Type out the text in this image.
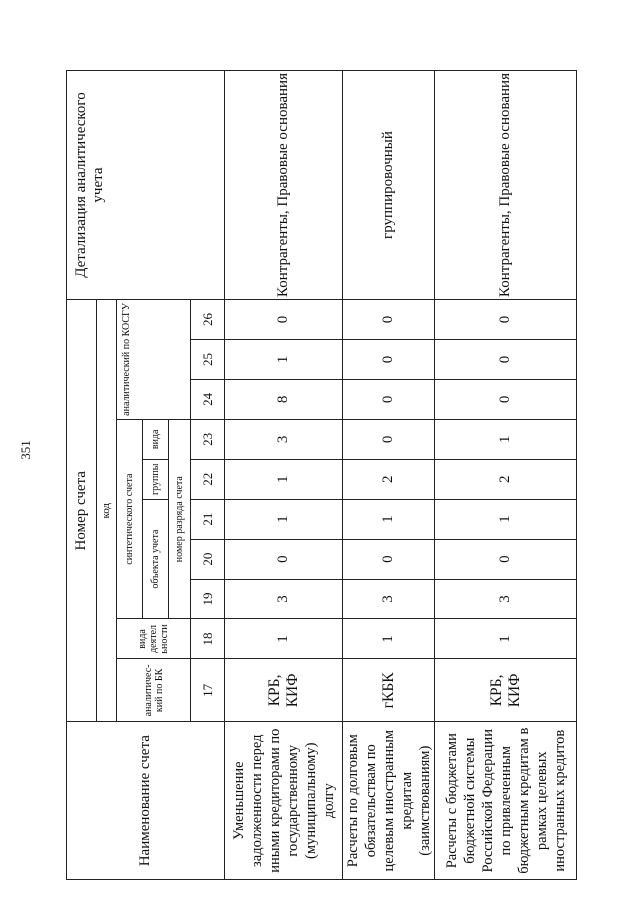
351
Наименование счета	Номер счета										Детализация аналитического учета
	код										
	аналитический по БК	вида деятел ьности	синтетического счета					аналитический по КОСГУ			
			объекта учета			группы	вида				
			номер разряда счета								
	17	18	19	20	21	22	23	24	25	26	
Уменьшение задолженности перед иными кредиторами по государственному (муниципальному) долгу	КРБ, КИФ	1	3	0	1	1	3	8	1	0	Контрагенты, Правовые основания
Расчеты по долговым обязательствам по целевым иностранным кредитам (заимствованиям)	гКБК	1	3	0	1	2	0	0	0	0	группировочный
Расчеты с бюджетами бюджетной системы Российской Федерации по привлеченным бюджетным кредитам в рамках целевых иностранных кредитов	КРБ, КИФ	1	3	0	1	2	1	0	0	0	Контрагенты, Правовые основания
